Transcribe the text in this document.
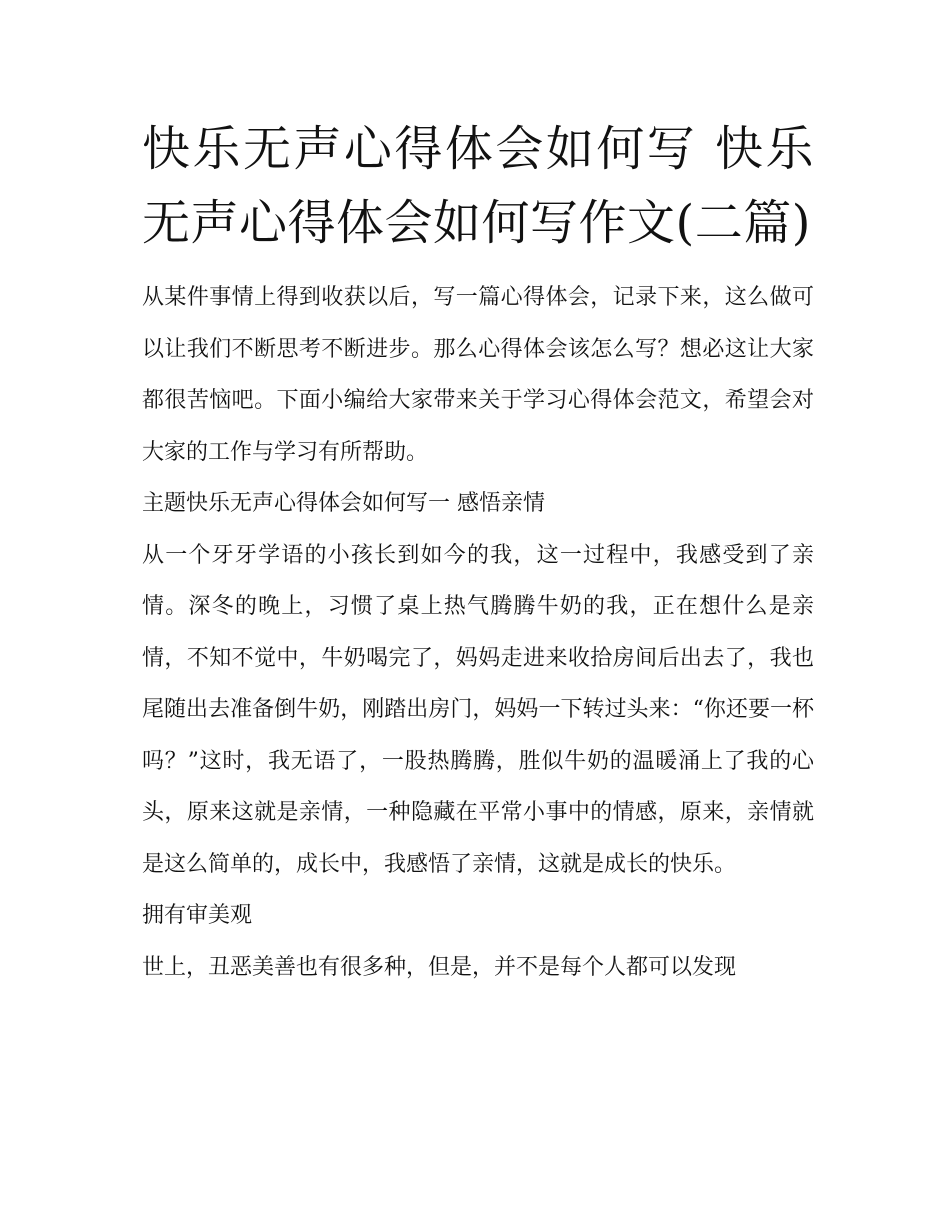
快乐无声心得体会如何写 快乐无声心得体会如何写作文(二篇)

从某件事情上得到收获以后，写一篇心得体会，记录下来，这么做可以让我们不断思考不断进步。那么心得体会该怎么写？想必这让大家都很苦恼吧。下面小编给大家带来关于学习心得体会范文，希望会对大家的工作与学习有所帮助。

主题快乐无声心得体会如何写一 感悟亲情

从一个牙牙学语的小孩长到如今的我，这一过程中，我感受到了亲情。深冬的晚上，习惯了桌上热气腾腾牛奶的我，正在想什么是亲情，不知不觉中，牛奶喝完了，妈妈走进来收拾房间后出去了，我也尾随出去准备倒牛奶，刚踏出房门，妈妈一下转过头来：“你还要一杯吗？”这时，我无语了，一股热腾腾，胜似牛奶的温暖涌上了我的心头，原来这就是亲情，一种隐藏在平常小事中的情感，原来，亲情就是这么简单的，成长中，我感悟了亲情，这就是成长的快乐。

拥有审美观

世上，丑恶美善也有很多种，但是，并不是每个人都可以发现
